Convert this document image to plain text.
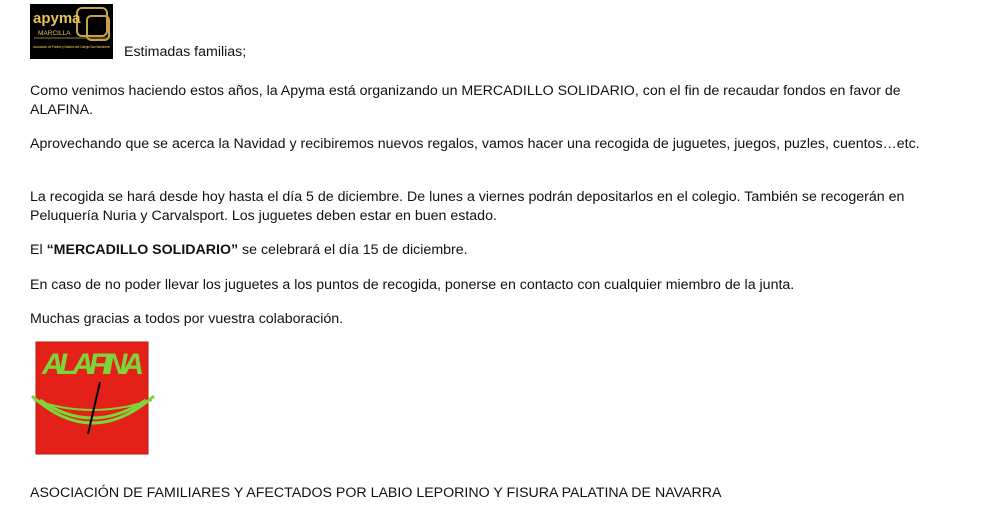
apyma
MARCILLA
Asociación de Padres y Madres del Colegio San Bartolomé Estimadas familias;

Como venimos haciendo estos años, la Apyma está organizando un MERCADILLO SOLIDARIO, con el fin de recaudar fondos en favor de ALAFINA.

Aprovechando que se acerca la Navidad y recibiremos nuevos regalos, vamos hacer una recogida de juguetes, juegos, puzles, cuentos…etc.

La recogida se hará desde hoy hasta el día 5 de diciembre. De lunes a viernes podrán depositarlos en el colegio. También se recogerán en Peluquería Nuria y Carvalsport. Los juguetes deben estar en buen estado.

El “MERCADILLO SOLIDARIO” se celebrará el día 15 de diciembre.

En caso de no poder llevar los juguetes a los puntos de recogida, ponerse en contacto con cualquier miembro de la junta.

Muchas gracias a todos por vuestra colaboración.

ALAFINA
ASOCIACIÓN DE FAMILIARES Y AFECTADOS POR LABIO LEPORINO Y FISURA PALATINA DE NAVARRA
